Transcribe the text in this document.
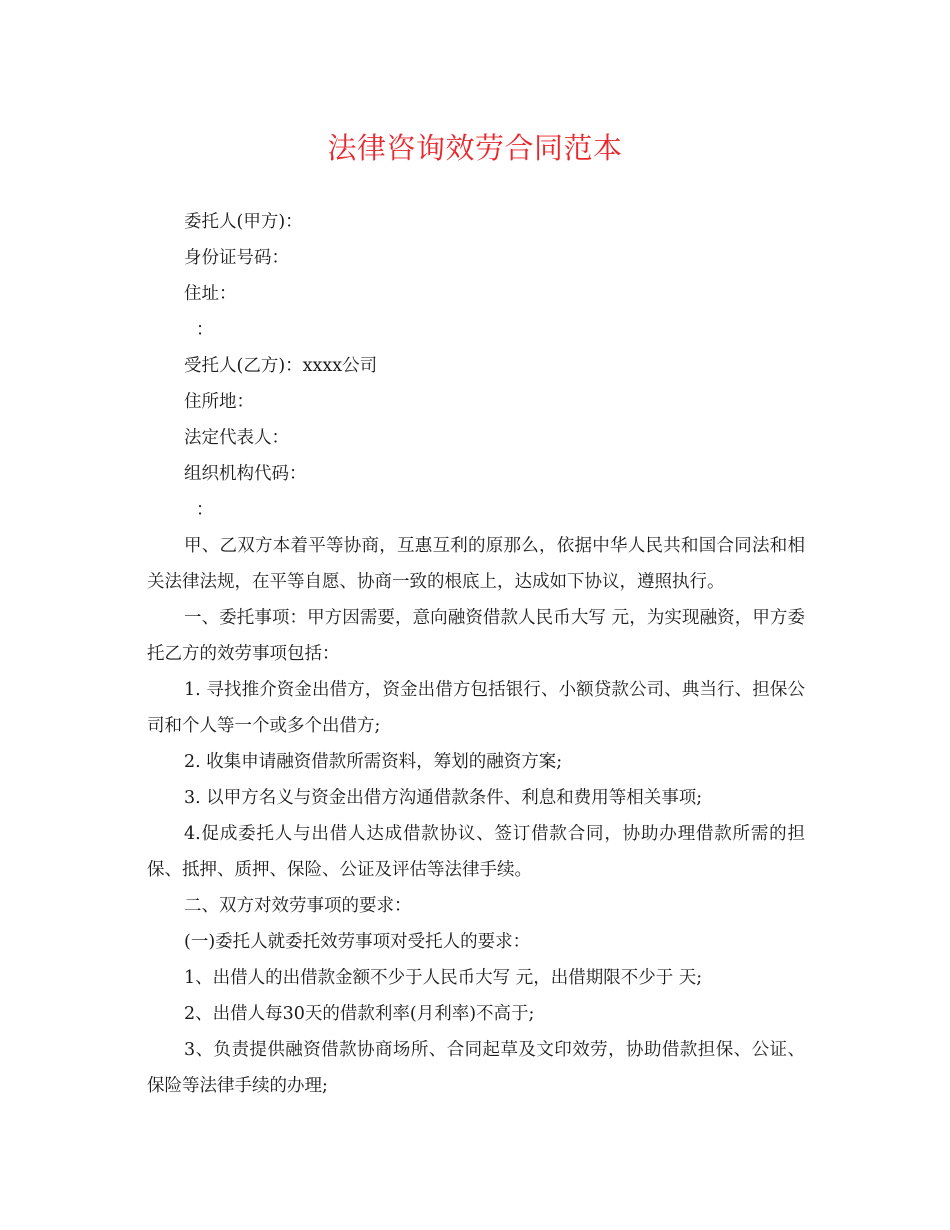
法律咨询效劳合同范本

委托人(甲方)：

身份证号码：

住址：

：

受托人(乙方)：xxxx公司

住所地：

法定代表人：

组织机构代码：

：

甲、乙双方本着平等协商，互惠互利的原那么，依据中华人民共和国合同法和相关法律法规，在平等自愿、协商一致的根底上，达成如下协议，遵照执行。

一、委托事项：甲方因需要，意向融资借款人民币大写 元，为实现融资，甲方委托乙方的效劳事项包括：

1. 寻找推介资金出借方，资金出借方包括银行、小额贷款公司、典当行、担保公司和个人等一个或多个出借方;

2. 收集申请融资借款所需资料，筹划的融资方案;

3. 以甲方名义与资金出借方沟通借款条件、利息和费用等相关事项;

4.促成委托人与出借人达成借款协议、签订借款合同，协助办理借款所需的担保、抵押、质押、保险、公证及评估等法律手续。

二、双方对效劳事项的要求：

(一)委托人就委托效劳事项对受托人的要求：

1、出借人的出借款金额不少于人民币大写 元，出借期限不少于 天;

2、出借人每30天的借款利率(月利率)不高于;

3、负责提供融资借款协商场所、合同起草及文印效劳，协助借款担保、公证、保险等法律手续的办理;
